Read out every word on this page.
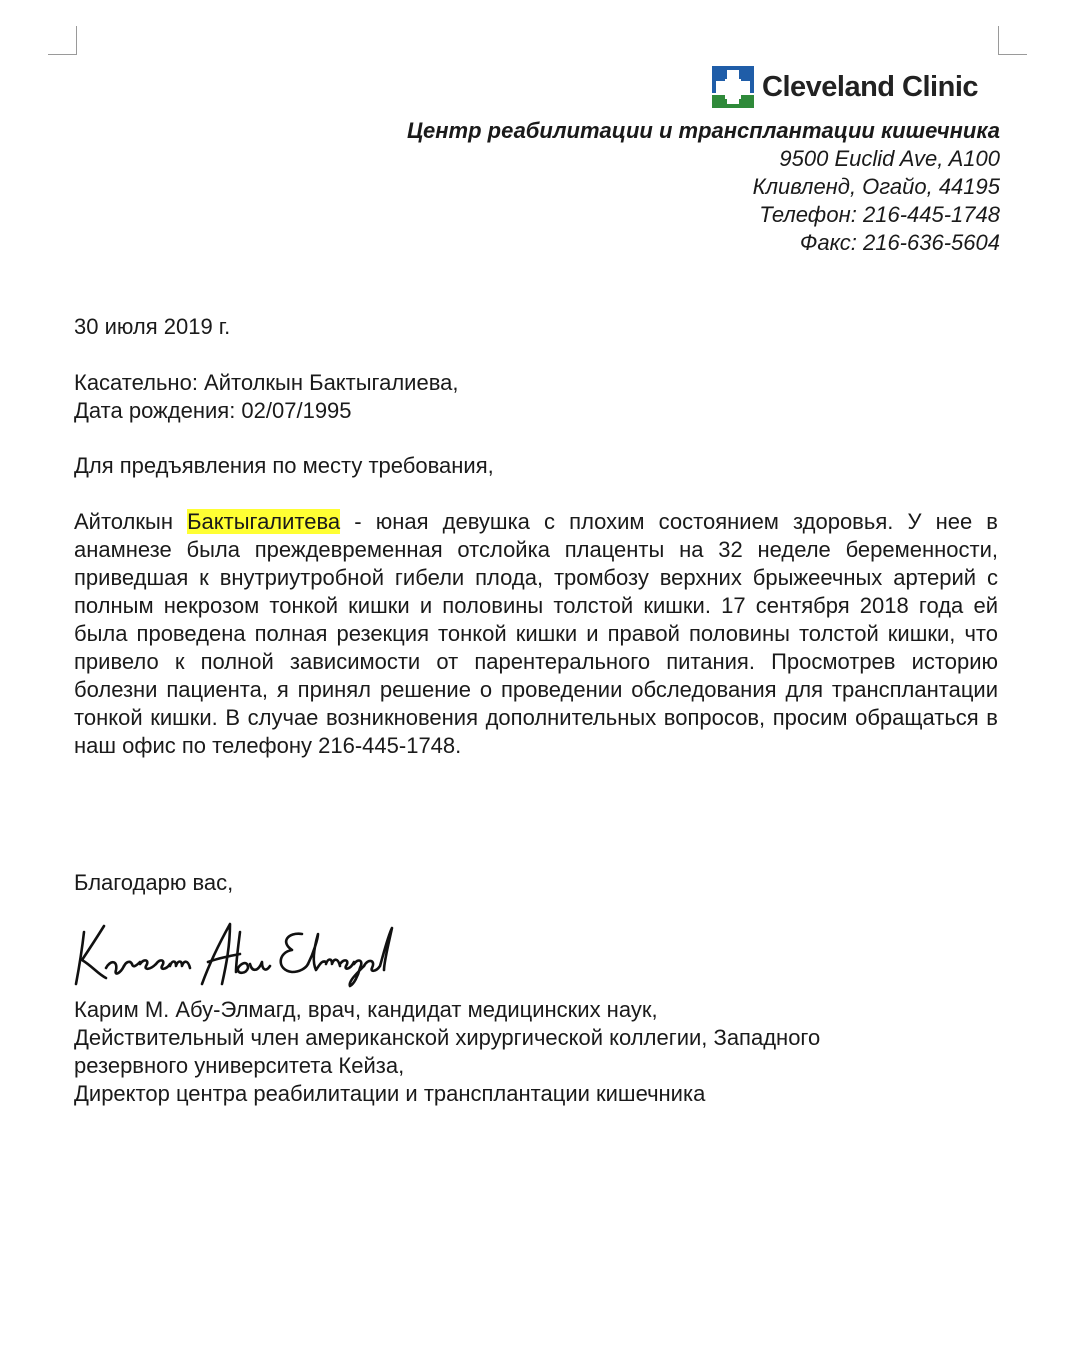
Cleveland Clinic
Центр реабилитации и трансплантации кишечника
9500 Euclid Ave, A100
Кливленд, Огайо, 44195
Телефон: 216-445-1748
Факс: 216-636-5604
30 июля 2019 г.
Касательно: Айтолкын Бактыгалиева,
Дата рождения: 02/07/1995
Для предъявления по месту требования,
Айтолкын Бактыгалитева - юная девушка с плохим состоянием здоровья. У нее в анамнезе была преждевременная отслойка плаценты на 32 неделе беременности, приведшая к внутриутробной гибели плода, тромбозу верхних брыжеечных артерий с полным некрозом тонкой кишки и половины толстой кишки. 17 сентября 2018 года ей была проведена полная резекция тонкой кишки и правой половины толстой кишки, что привело к полной зависимости от парентерального питания. Просмотрев историю болезни пациента, я принял решение о проведении обследования для трансплантации тонкой кишки. В случае возникновения дополнительных вопросов, просим обращаться в наш офис по телефону 216-445-1748.
Благодарю вас,
Карим М. Абу-Элмагд, врач, кандидат медицинских наук,
Действительный член американской хирургической коллегии, Западного
резервного университета Кейза,
Директор центра реабилитации и трансплантации кишечника
